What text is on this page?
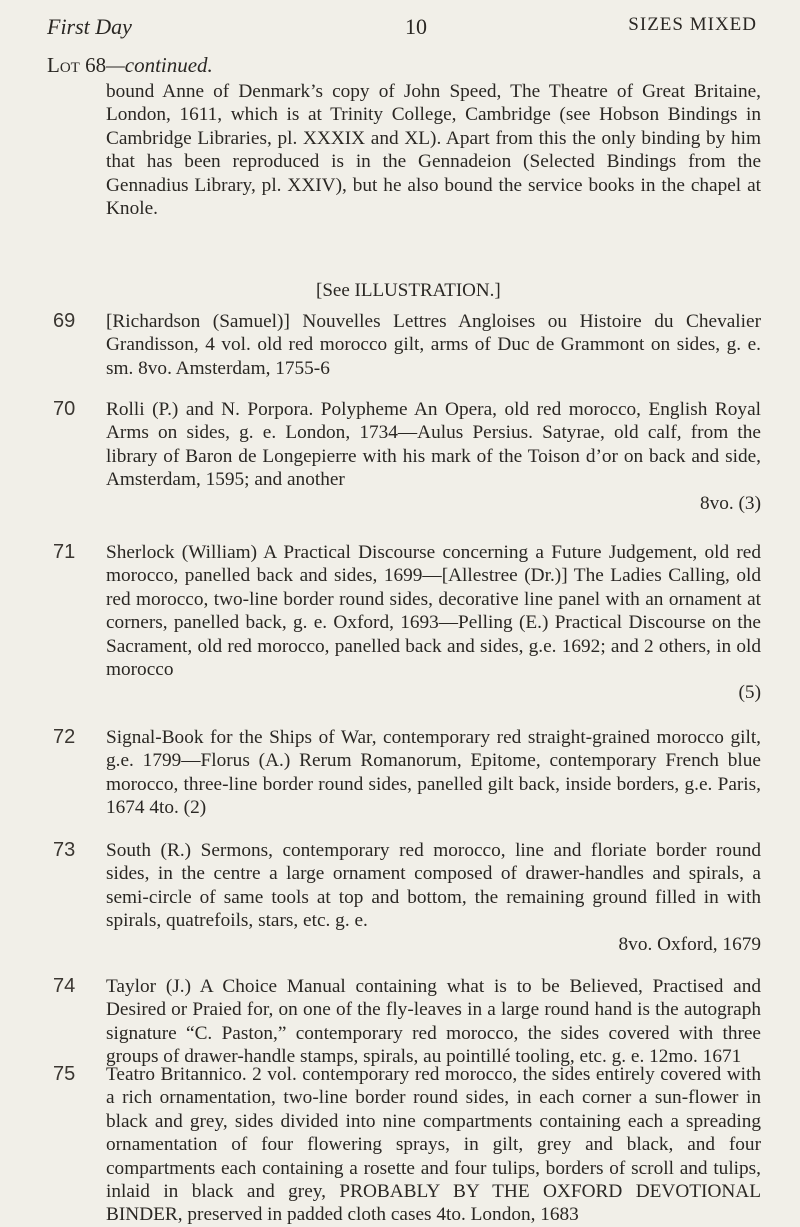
First Day	10	SIZES MIXED
Lot 68—continued.
bound Anne of Denmark’s copy of John Speed, The Theatre of Great Britaine, London, 1611, which is at Trinity College, Cambridge (see Hobson Bindings in Cambridge Libraries, pl. XXXIX and XL). Apart from this the only binding by him that has been reproduced is in the Gennadeion (Selected Bindings from the Gennadius Library, pl. XXIV), but he also bound the service books in the chapel at Knole.
[See ILLUSTRATION.]
69 [Richardson (Samuel)] Nouvelles Lettres Angloises ou Histoire du Chevalier Grandisson, 4 vol. old red morocco gilt, arms of Duc de Grammont on sides, g. e. sm. 8vo. Amsterdam, 1755-6
70 Rolli (P.) and N. Porpora. Polypheme An Opera, old red morocco, English Royal Arms on sides, g. e. London, 1734—Aulus Persius. Satyrae, old calf, from the library of Baron de Longepierre with his mark of the Toison d’or on back and side, Amsterdam, 1595; and another
8vo. (3)
71 Sherlock (William) A Practical Discourse concerning a Future Judgement, old red morocco, panelled back and sides, 1699—[Allestree (Dr.)] The Ladies Calling, old red morocco, two-line border round sides, decorative line panel with an ornament at corners, panelled back, g. e. Oxford, 1693—Pelling (E.) Practical Discourse on the Sacrament, old red morocco, panelled back and sides, g.e. 1692; and 2 others, in old morocco
(5)
72 Signal-Book for the Ships of War, contemporary red straight-grained morocco gilt, g.e. 1799—Florus (A.) Rerum Romanorum, Epitome, contemporary French blue morocco, three-line border round sides, panelled gilt back, inside borders, g.e. Paris, 1674 4to. (2)
73 South (R.) Sermons, contemporary red morocco, line and floriate border round sides, in the centre a large ornament composed of drawer-handles and spirals, a semi-circle of same tools at top and bottom, the remaining ground filled in with spirals, quatrefoils, stars, etc. g. e.
8vo. Oxford, 1679
74 Taylor (J.) A Choice Manual containing what is to be Believed, Practised and Desired or Praied for, on one of the fly-leaves in a large round hand is the autograph signature “C. Paston,” contemporary red morocco, the sides covered with three groups of drawer-handle stamps, spirals, au pointillé tooling, etc. g. e. 12mo. 1671
75 Teatro Britannico. 2 vol. contemporary red morocco, the sides entirely covered with a rich ornamentation, two-line border round sides, in each corner a sun-flower in black and grey, sides divided into nine compartments containing each a spreading ornamentation of four flowering sprays, in gilt, grey and black, and four compartments each containing a rosette and four tulips, borders of scroll and tulips, inlaid in black and grey, PROBABLY BY THE OXFORD DEVOTIONAL BINDER, preserved in padded cloth cases 4to. London, 1683
